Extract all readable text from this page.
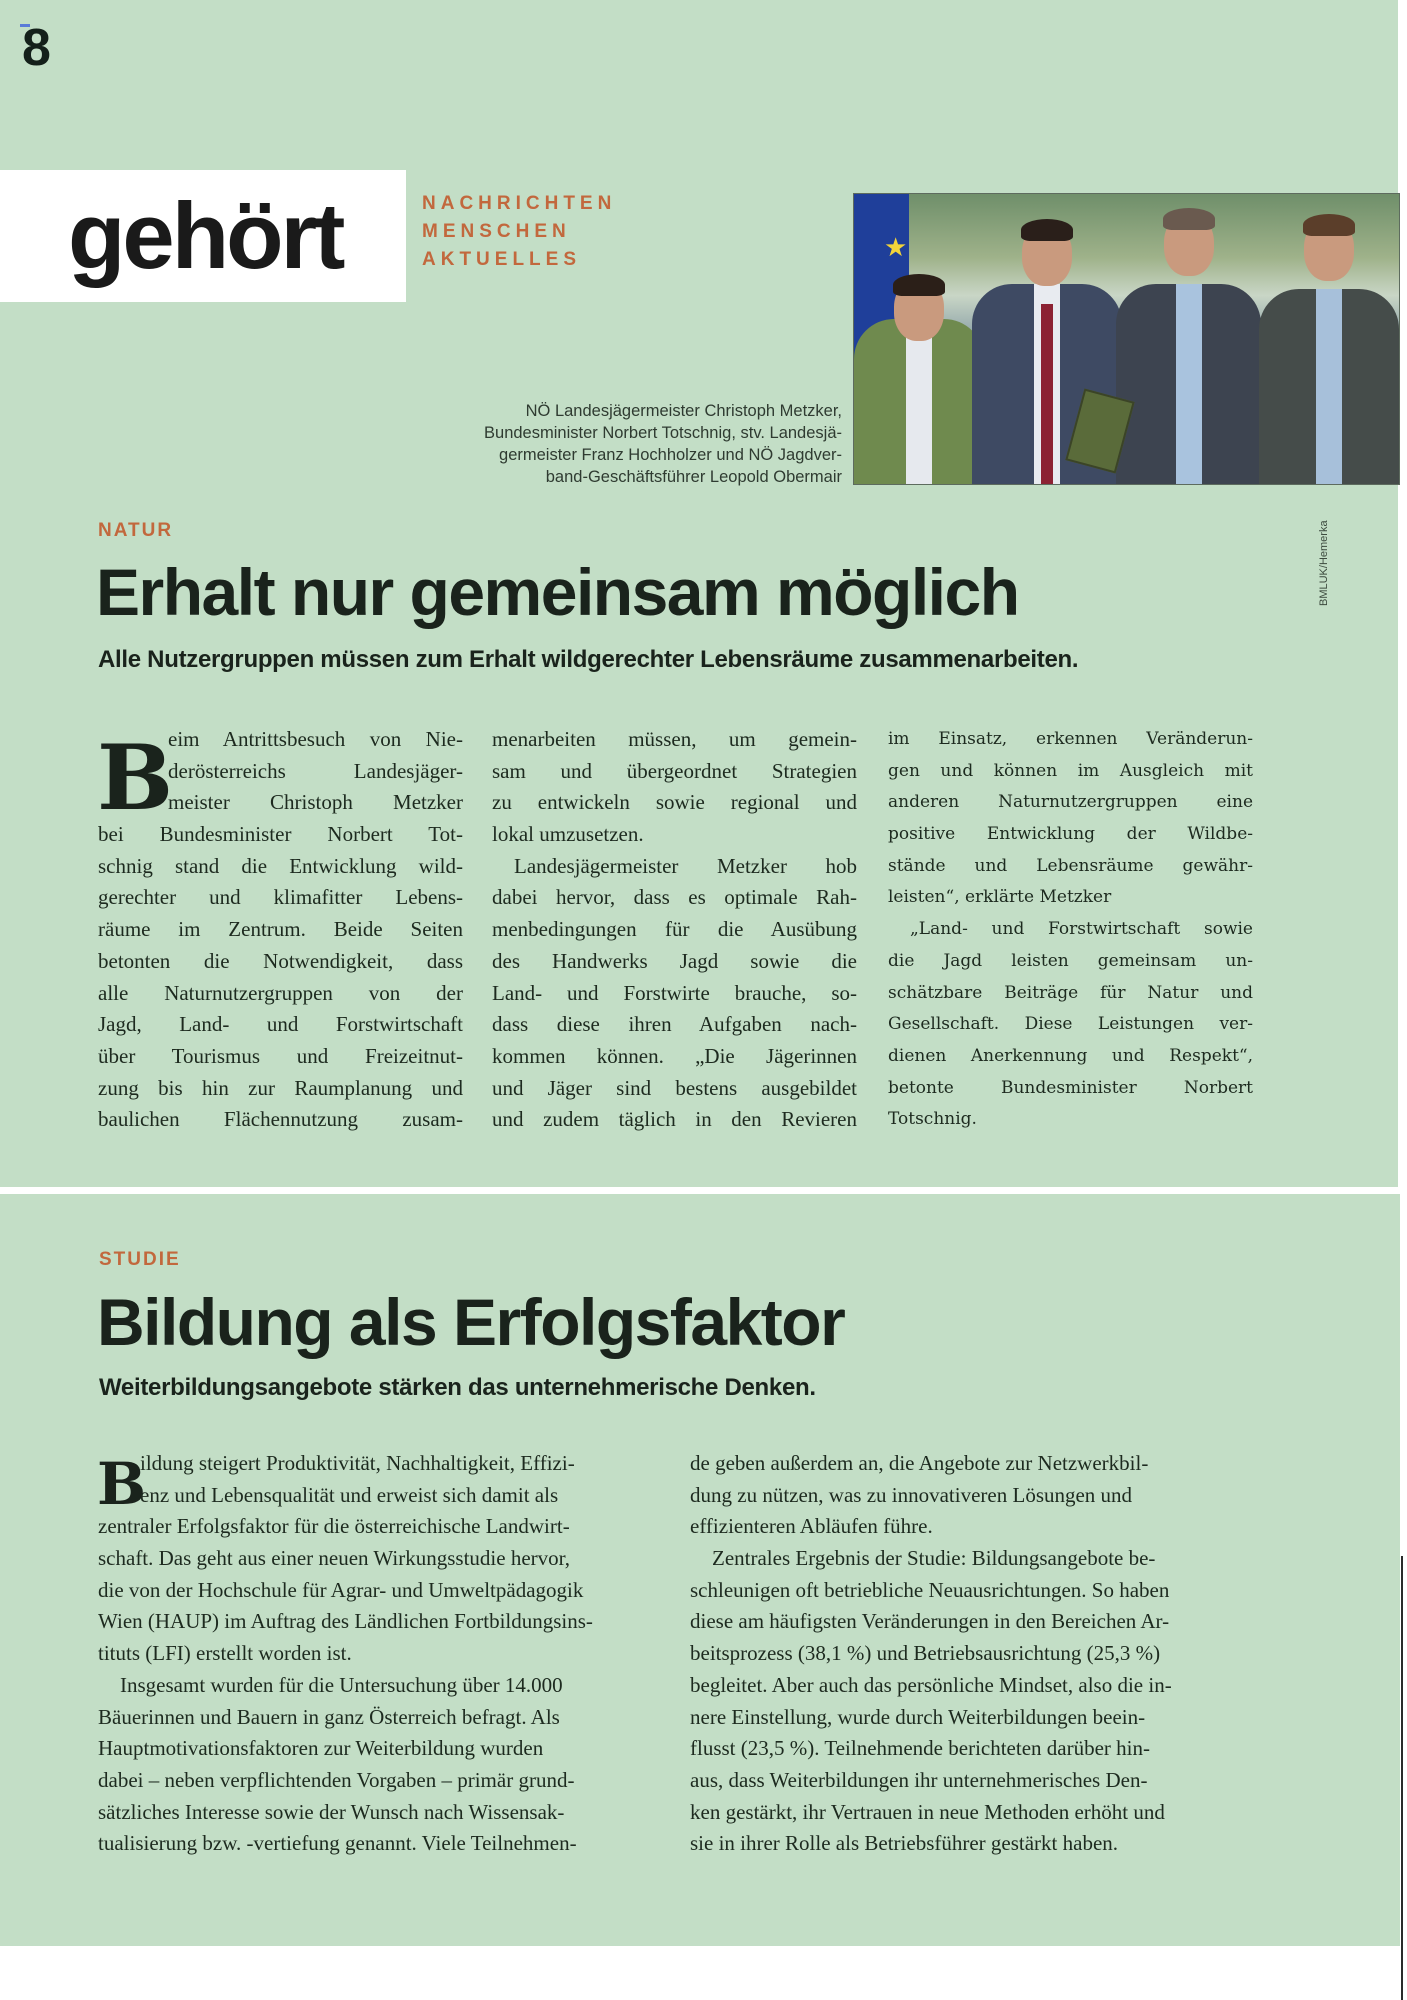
8
gehört	NACHRICHTEN
MENSCHEN
AKTUELLES	★
NÖ Landesjägermeister Christoph Metzker,
Bundesminister Norbert Totschnig, stv. Landesjä-
germeister Franz Hochholzer und NÖ Jagdver-
band-Geschäftsführer Leopold Obermair
BMLUK/Hemerka
NATUR
Erhalt nur gemeinsam möglich
Alle Nutzergruppen müssen zum Erhalt wildgerechter Lebensräume zusammenarbeiten.
B
eim Antrittsbesuch von Nie-
derösterreichs Landesjäger-
meister Christoph Metzker
bei Bundesminister Norbert Tot-
schnig stand die Entwicklung wild-
gerechter und klimafitter Lebens-
räume im Zentrum. Beide Seiten
betonten die Notwendigkeit, dass
alle Naturnutzergruppen von der
Jagd, Land- und Forstwirtschaft
über Tourismus und Freizeitnut-
zung bis hin zur Raumplanung und
baulichen Flächennutzung zusam-
menarbeiten müssen, um gemein-
sam und übergeordnet Strategien
zu entwickeln sowie regional und
lokal umzusetzen.
Landesjägermeister Metzker hob
dabei hervor, dass es optimale Rah-
menbedingungen für die Ausübung
des Handwerks Jagd sowie die
Land- und Forstwirte brauche, so-
dass diese ihren Aufgaben nach-
kommen können. „Die Jägerinnen
und Jäger sind bestens ausgebildet
und zudem täglich in den Revieren
im Einsatz, erkennen Veränderun-
gen und können im Ausgleich mit
anderen Naturnutzergruppen eine
positive Entwicklung der Wildbe-
stände und Lebensräume gewähr-
leisten“, erklärte Metzker
„Land- und Forstwirtschaft sowie
die Jagd leisten gemeinsam un-
schätzbare Beiträge für Natur und
Gesellschaft. Diese Leistungen ver-
dienen Anerkennung und Respekt“,
betonte Bundesminister Norbert
Totschnig.
STUDIE
Bildung als Erfolgsfaktor
Weiterbildungsangebote stärken das unternehmerische Denken.
B
ildung steigert Produktivität, Nachhaltigkeit, Effizi-
enz und Lebensqualität und erweist sich damit als
zentraler Erfolgsfaktor für die österreichische Landwirt-
schaft. Das geht aus einer neuen Wirkungsstudie hervor,
die von der Hochschule für Agrar- und Umweltpädagogik
Wien (HAUP) im Auftrag des Ländlichen Fortbildungsins-
tituts (LFI) erstellt worden ist.
Insgesamt wurden für die Untersuchung über 14.000
Bäuerinnen und Bauern in ganz Österreich befragt. Als
Hauptmotivationsfaktoren zur Weiterbildung wurden
dabei – neben verpflichtenden Vorgaben – primär grund-
sätzliches Interesse sowie der Wunsch nach Wissensak-
tualisierung bzw. -vertiefung genannt. Viele Teilnehmen-
de geben außerdem an, die Angebote zur Netzwerkbil-
dung zu nützen, was zu innovativeren Lösungen und
effizienteren Abläufen führe.
Zentrales Ergebnis der Studie: Bildungsangebote be-
schleunigen oft betriebliche Neuausrichtungen. So haben
diese am häufigsten Veränderungen in den Bereichen Ar-
beitsprozess (38,1 %) und Betriebsausrichtung (25,3 %)
begleitet. Aber auch das persönliche Mindset, also die in-
nere Einstellung, wurde durch Weiterbildungen beein-
flusst (23,5 %). Teilnehmende berichteten darüber hin-
aus, dass Weiterbildungen ihr unternehmerisches Den-
ken gestärkt, ihr Vertrauen in neue Methoden erhöht und
sie in ihrer Rolle als Betriebsführer gestärkt haben.
